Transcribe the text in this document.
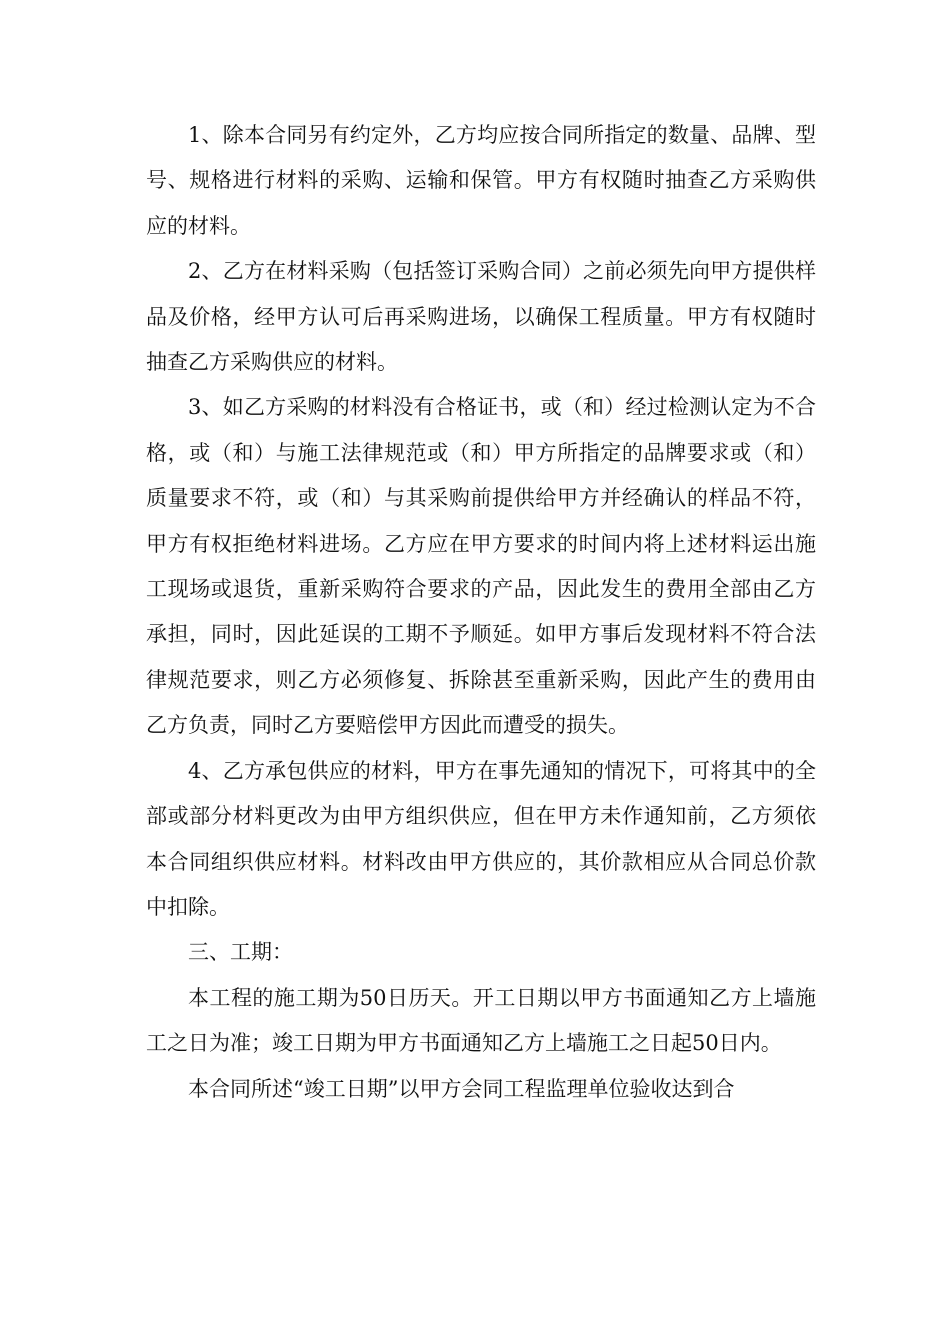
1、除本合同另有约定外，乙方均应按合同所指定的数量、品牌、型号、规格进行材料的采购、运输和保管。甲方有权随时抽查乙方采购供应的材料。

2、乙方在材料采购（包括签订采购合同）之前必须先向甲方提供样品及价格，经甲方认可后再采购进场，以确保工程质量。甲方有权随时抽查乙方采购供应的材料。

3、如乙方采购的材料没有合格证书，或（和）经过检测认定为不合格，或（和）与施工法律规范或（和）甲方所指定的品牌要求或（和）质量要求不符，或（和）与其采购前提供给甲方并经确认的样品不符，甲方有权拒绝材料进场。乙方应在甲方要求的时间内将上述材料运出施工现场或退货，重新采购符合要求的产品，因此发生的费用全部由乙方承担，同时，因此延误的工期不予顺延。如甲方事后发现材料不符合法律规范要求，则乙方必须修复、拆除甚至重新采购，因此产生的费用由乙方负责，同时乙方要赔偿甲方因此而遭受的损失。

4、乙方承包供应的材料，甲方在事先通知的情况下，可将其中的全部或部分材料更改为由甲方组织供应，但在甲方未作通知前，乙方须依本合同组织供应材料。材料改由甲方供应的，其价款相应从合同总价款中扣除。

三、工期：

本工程的施工期为50日历天。开工日期以甲方书面通知乙方上墙施工之日为准；竣工日期为甲方书面通知乙方上墙施工之日起50日内。

本合同所述“竣工日期”以甲方会同工程监理单位验收达到合
